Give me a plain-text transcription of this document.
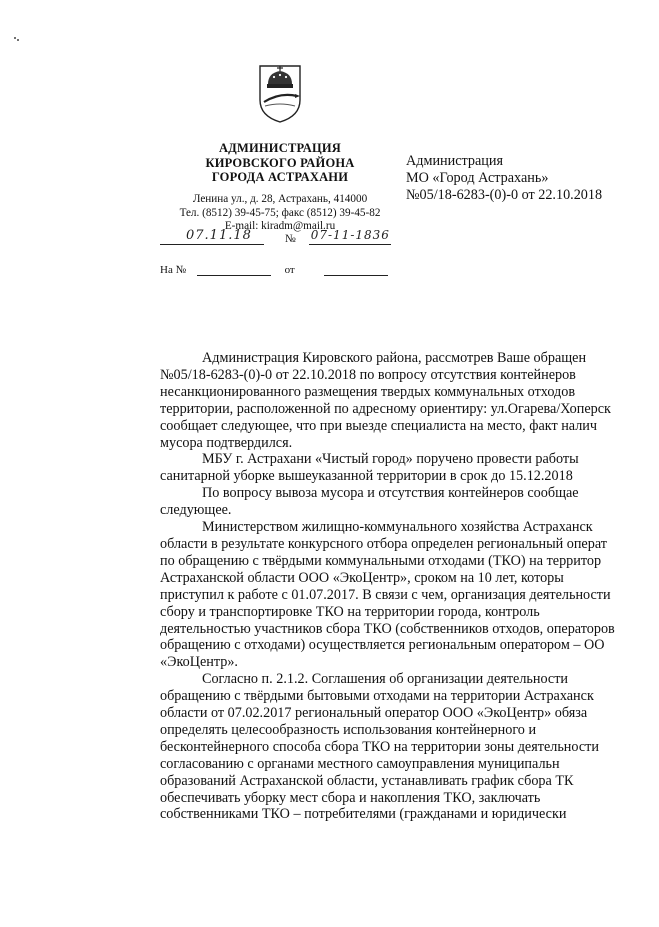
АДМИНИСТРАЦИЯ
КИРОВСКОГО РАЙОНА
ГОРОДА АСТРАХАНИ
Ленина ул., д. 28, Астрахань, 414000
Тел. (8512) 39-45-75; факс (8512) 39-45-82
E-mail: kiradm@mail.ru
07.11.18	№ 07-11-1836
На №	от
Администрация
МО «Город Астрахань»
№05/18-6283-(0)-0 от 22.10.2018

Администрация Кировского района, рассмотрев Ваше обращен
№05/18-6283-(0)-0 от 22.10.2018 по вопросу отсутствия контейнеров
несанкционированного размещения твердых коммунальных отходов
территории, расположенной по адресному ориентиру: ул.Огарева/Хоперск
сообщает следующее, что при выезде специалиста на место, факт налич
мусора подтвердился.

МБУ г. Астрахани «Чистый город» поручено провести работы
санитарной уборке вышеуказанной территории в срок до 15.12.2018

По вопросу вывоза мусора и отсутствия контейнеров сообщае
следующее.

Министерством жилищно-коммунального хозяйства Астраханск
области в результате конкурсного отбора определен региональный операт
по обращению с твёрдыми коммунальными отходами (ТКО) на территор
Астраханской области ООО «ЭкоЦентр», сроком на 10 лет, которы
приступил к работе с 01.07.2017. В связи с чем, организация деятельности
сбору и транспортировке ТКО на территории города, контроль
деятельностью участников сбора ТКО (собственников отходов, операторов
обращению с отходами) осуществляется региональным оператором – ОО
«ЭкоЦентр».

Согласно п. 2.1.2. Соглашения об организации деятельности
обращению с твёрдыми бытовыми отходами на территории Астраханск
области от 07.02.2017 региональный оператор ООО «ЭкоЦентр» обяза
определять целесообразность использования контейнерного и
бесконтейнерного способа сбора ТКО на территории зоны деятельности
согласованию с органами местного самоуправления муниципальн
образований Астраханской области, устанавливать график сбора ТК
обеспечивать уборку мест сбора и накопления ТКО, заключать
собственниками ТКО – потребителями (гражданами и юридически
